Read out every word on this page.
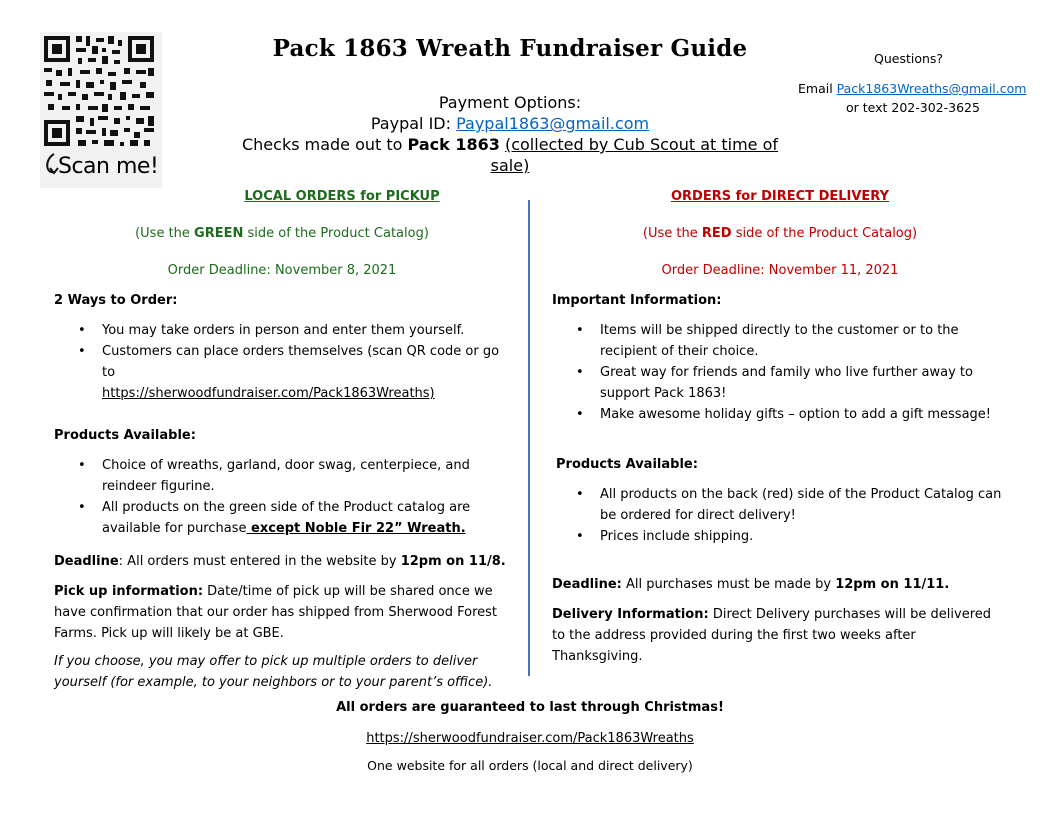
Scan me!
Pack 1863 Wreath Fundraiser Guide	Questions?
Email Pack1863Wreaths@gmail.com
or text 202-302-3625
Payment Options:
Paypal ID: Paypal1863@gmail.com
Checks made out to Pack 1863 (collected by Cub Scout at time of sale)
LOCAL ORDERS for PICKUP
(Use the GREEN side of the Product Catalog)
Order Deadline: November 8, 2021
2 Ways to Order:
• You may take orders in person and enter them yourself.
• Customers can place orders themselves (scan QR code or go to
https://sherwoodfundraiser.com/Pack1863Wreaths)
Products Available:
• Choice of wreaths, garland, door swag, centerpiece, and reindeer figurine.
• All products on the green side of the Product catalog are available for purchase except Noble Fir 22” Wreath.

Deadline: All orders must entered in the website by 12pm on 11/8.

Pick up information: Date/time of pick up will be shared once we have confirmation that our order has shipped from Sherwood Forest Farms. Pick up will likely be at GBE.

If you choose, you may offer to pick up multiple orders to deliver yourself (for example, to your neighbors or to your parent’s office).

ORDERS for DIRECT DELIVERY
(Use the RED side of the Product Catalog)
Order Deadline: November 11, 2021
Important Information:
• Items will be shipped directly to the customer or to the recipient of their choice.
• Great way for friends and family who live further away to support Pack 1863!
• Make awesome holiday gifts – option to add a gift message!
Products Available:
• All products on the back (red) side of the Product Catalog can be ordered for direct delivery!
• Prices include shipping.

Deadline: All purchases must be made by 12pm on 11/11.

Delivery Information: Direct Delivery purchases will be delivered to the address provided during the first two weeks after Thanksgiving.

All orders are guaranteed to last through Christmas!
https://sherwoodfundraiser.com/Pack1863Wreaths
One website for all orders (local and direct delivery)
